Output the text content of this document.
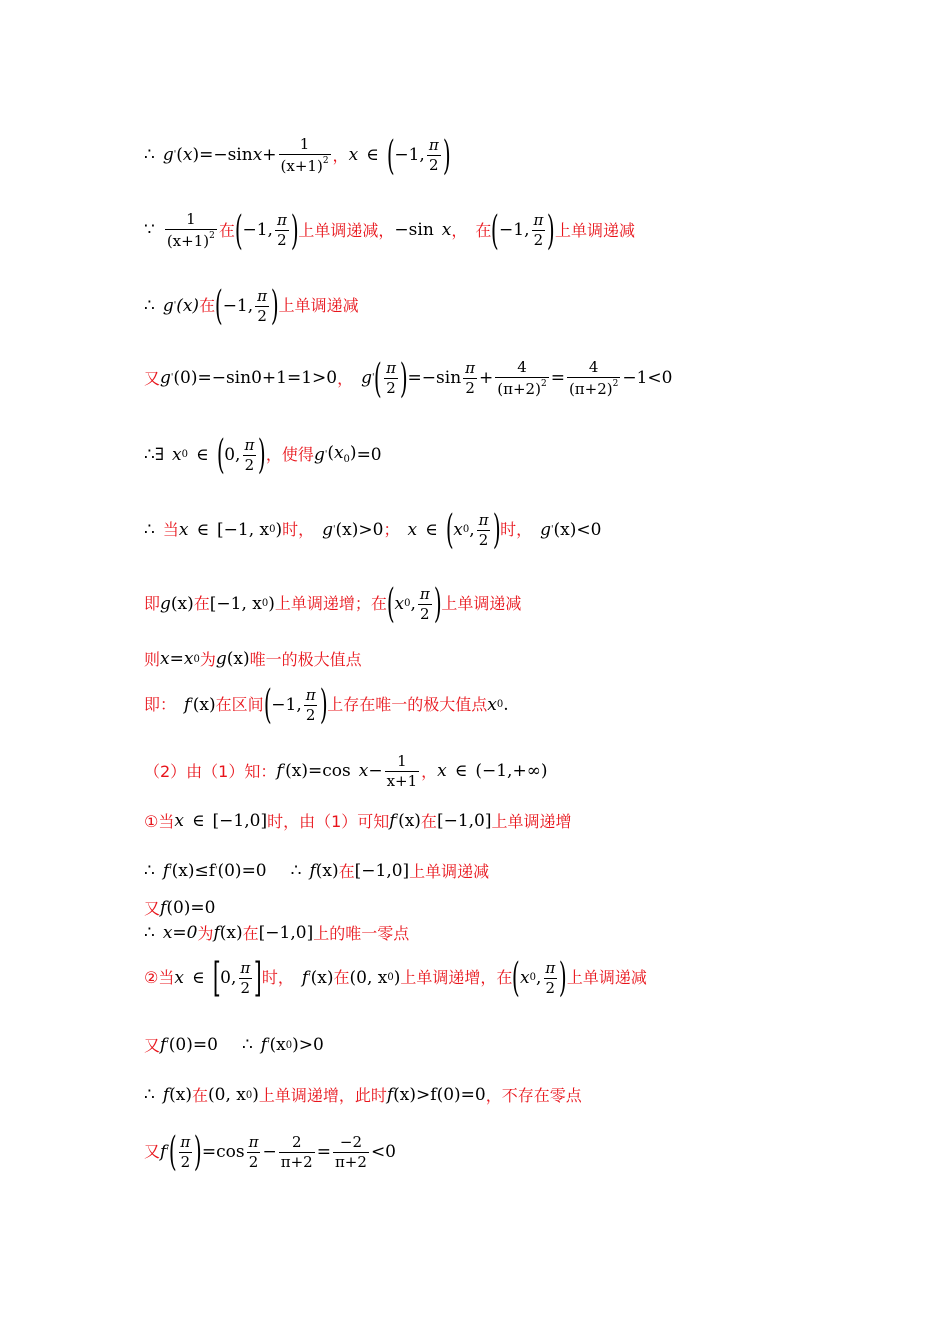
∴ g ' (x) =−sin $x + \frac{1}{(x+1)^2}$ ， x ∈ ( −1, $\frac{\pi}{2}$ )
∵ $\frac{1}{(x+1)^2}$ 在 ( −1, $\frac{\pi}{2}$ ) 上单调递减， −sin x ， 在 ( −1, $\frac{\pi}{2}$ ) 上单调递减
∴ g ' (x) 在 ( −1, $\frac{\pi}{2}$ ) 上单调递减
又 g ' (0)=−sin0+1=1>0 ， g ' ( $\frac{\pi}{2}$ ) $=-\sin \frac{\pi}{2} + \frac{4}{(\pi+2)^2} = \frac{4}{(\pi+2)^2} -1<0$
∴∃ x 0 ∈ ( 0, $\frac{\pi}{2}$ ) ，使得 g ' $(x_0) =0$
∴ 当 x ∈ [−1, x 0 ) 时， g ' (x)>0 ； x ∈ ( x 0 , $\frac{\pi}{2}$ ) 时， g ' (x)<0
即 g (x) 在 [−1, x 0 ) 上单调递增；在 ( x 0 , $\frac{\pi}{2}$ ) 上单调递减
则 x=x 0 为 g (x) 唯一的极大值点
即： f ' (x) 在区间 ( −1, $\frac{\pi}{2}$ ) 上存在唯一的极大值点 x 0 .
（2）由（1）知： f ' (x)=cos $x - \frac{1}{x+1}$ ， x ∈ (−1,+∞)
① 当 x ∈ [−1,0] 时，由（1）可知 f ' (x) 在 [−1,0] 上单调递增
∴ f ' (x)≤f ' (0)=0 ∴ f (x) 在 [−1,0] 上单调递减
又 f (0)=0
∴ x=0 为 f (x) 在 [−1,0] 上的唯一零点
② 当 x ∈ [ 0, $\frac{\pi}{2}$ ] 时， f ' (x) 在 (0, x 0 ) 上单调递增，在 ( x 0 , $\frac{\pi}{2}$ ) 上单调递减
又 f ' (0)=0 ∴ f ' (x 0 )>0
∴ f (x) 在 (0, x 0 ) 上单调递增，此时 f (x)>f (0)=0 ，不存在零点
又 f ' ( $\frac{\pi}{2}$ ) $=\cos \frac{\pi}{2} - \frac{2}{\pi+2} = \frac{-2}{\pi+2} <0$
